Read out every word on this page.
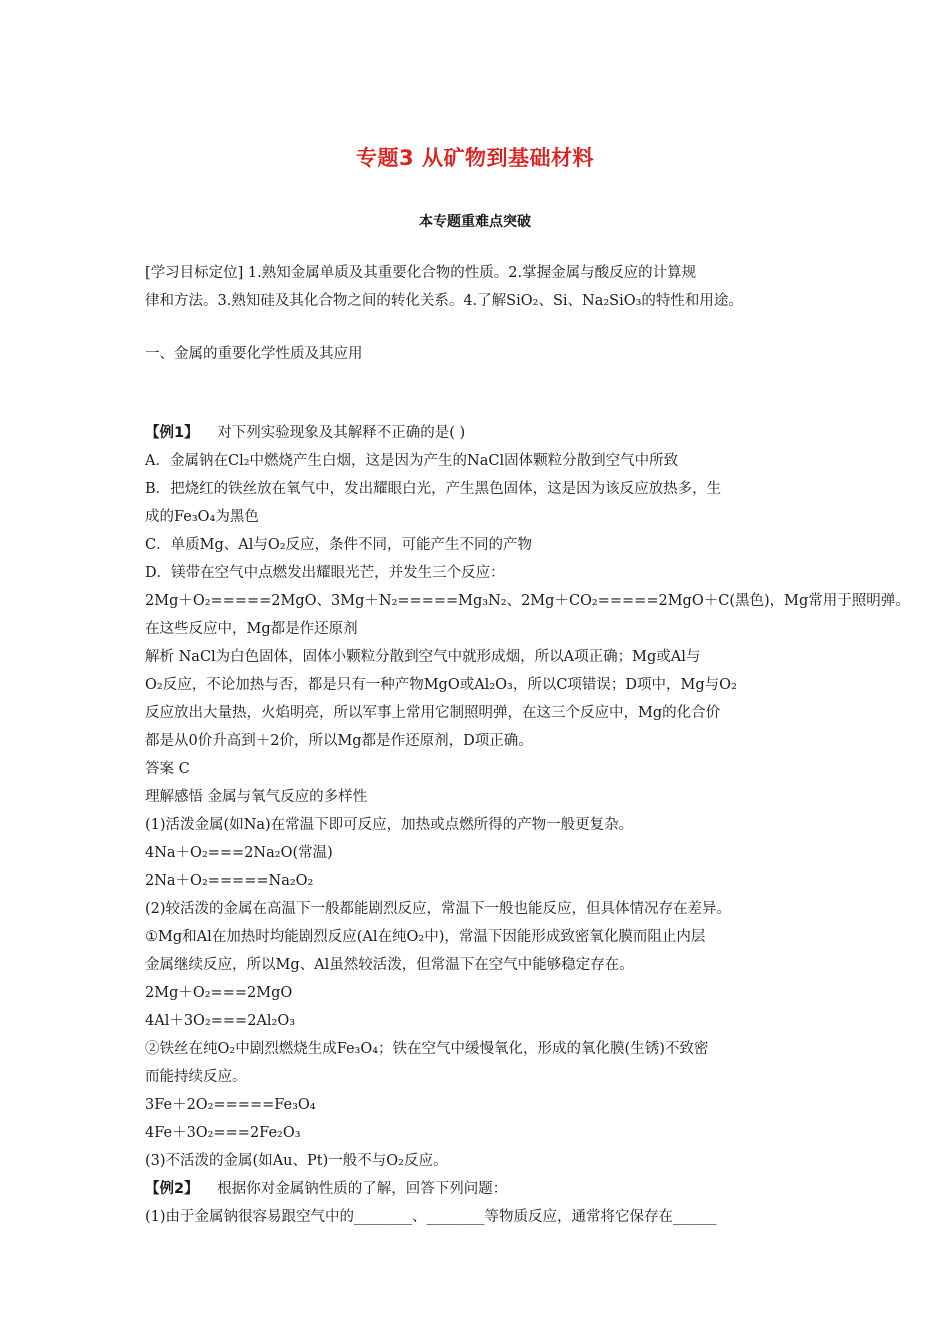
专题3 从矿物到基础材料
本专题重难点突破
[学习目标定位] 1.熟知金属单质及其重要化合物的性质。2.掌握金属与酸反应的计算规
律和方法。3.熟知硅及其化合物之间的转化关系。4.了解SiO₂、Si、Na₂SiO₃的特性和用途。
一、金属的重要化学性质及其应用
【例1】 对下列实验现象及其解释不正确的是( )
A．金属钠在Cl₂中燃烧产生白烟，这是因为产生的NaCl固体颗粒分散到空气中所致
B．把烧红的铁丝放在氧气中，发出耀眼白光，产生黑色固体，这是因为该反应放热多，生
成的Fe₃O₄为黑色
C．单质Mg、Al与O₂反应，条件不同，可能产生不同的产物
D．镁带在空气中点燃发出耀眼光芒，并发生三个反应：
2Mg＋O₂=====2MgO、3Mg＋N₂=====Mg₃N₂、2Mg＋CO₂=====2MgO＋C(黑色)，Mg常用于照明弹。
在这些反应中，Mg都是作还原剂
解析 NaCl为白色固体，固体小颗粒分散到空气中就形成烟，所以A项正确；Mg或Al与
O₂反应，不论加热与否，都是只有一种产物MgO或Al₂O₃，所以C项错误；D项中，Mg与O₂
反应放出大量热，火焰明亮，所以军事上常用它制照明弹，在这三个反应中，Mg的化合价
都是从0价升高到＋2价，所以Mg都是作还原剂，D项正确。
答案 C
理解感悟 金属与氧气反应的多样性
(1)活泼金属(如Na)在常温下即可反应，加热或点燃所得的产物一般更复杂。
4Na＋O₂===2Na₂O(常温)
2Na＋O₂=====Na₂O₂
(2)较活泼的金属在高温下一般都能剧烈反应，常温下一般也能反应，但具体情况存在差异。
①Mg和Al在加热时均能剧烈反应(Al在纯O₂中)，常温下因能形成致密氧化膜而阻止内层
金属继续反应，所以Mg、Al虽然较活泼，但常温下在空气中能够稳定存在。
2Mg＋O₂===2MgO
4Al＋3O₂===2Al₂O₃
②铁丝在纯O₂中剧烈燃烧生成Fe₃O₄；铁在空气中缓慢氧化，形成的氧化膜(生锈)不致密
而能持续反应。
3Fe＋2O₂=====Fe₃O₄
4Fe＋3O₂===2Fe₂O₃
(3)不活泼的金属(如Au、Pt)一般不与O₂反应。
【例2】 根据你对金属钠性质的了解，回答下列问题：
(1)由于金属钠很容易跟空气中的________、________等物质反应，通常将它保存在______
